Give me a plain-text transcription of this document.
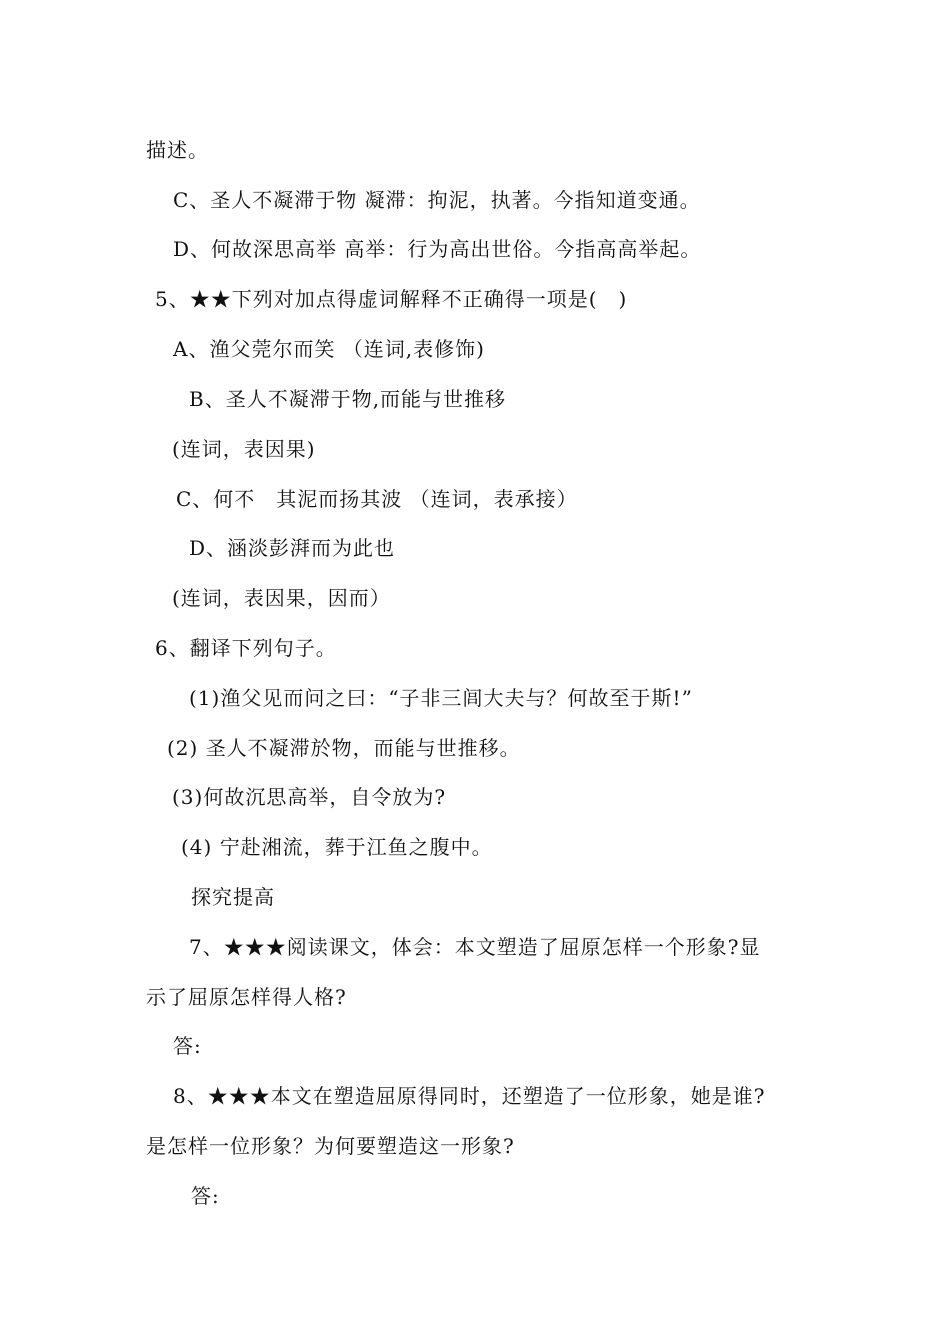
描述。
C、圣人不凝滞于物 凝滞：拘泥，执著。今指知道变通。
D、何故深思高举 高举：行为高出世俗。今指高高举起。
5、★★下列对加点得虚词解释不正确得一项是(　)
A、渔父莞尔而笑 （连词,表修饰)
B、圣人不凝滞于物,而能与世推移
(连词，表因果)
C、何不　其泥而扬其波 （连词，表承接）
D、涵淡彭湃而为此也
(连词，表因果，因而）
6、翻译下列句子。
(1)渔父见而问之曰：“子非三闾大夫与？何故至于斯!”
(2) 圣人不凝滞於物，而能与世推移。
(3)何故沉思高举，自令放为?
(4) 宁赴湘流，葬于江鱼之腹中。
探究提高
7、★★★阅读课文，体会：本文塑造了屈原怎样一个形象?显
示了屈原怎样得人格?
答:
8、★★★本文在塑造屈原得同时，还塑造了一位形象，她是谁?
是怎样一位形象？为何要塑造这一形象?
答:
